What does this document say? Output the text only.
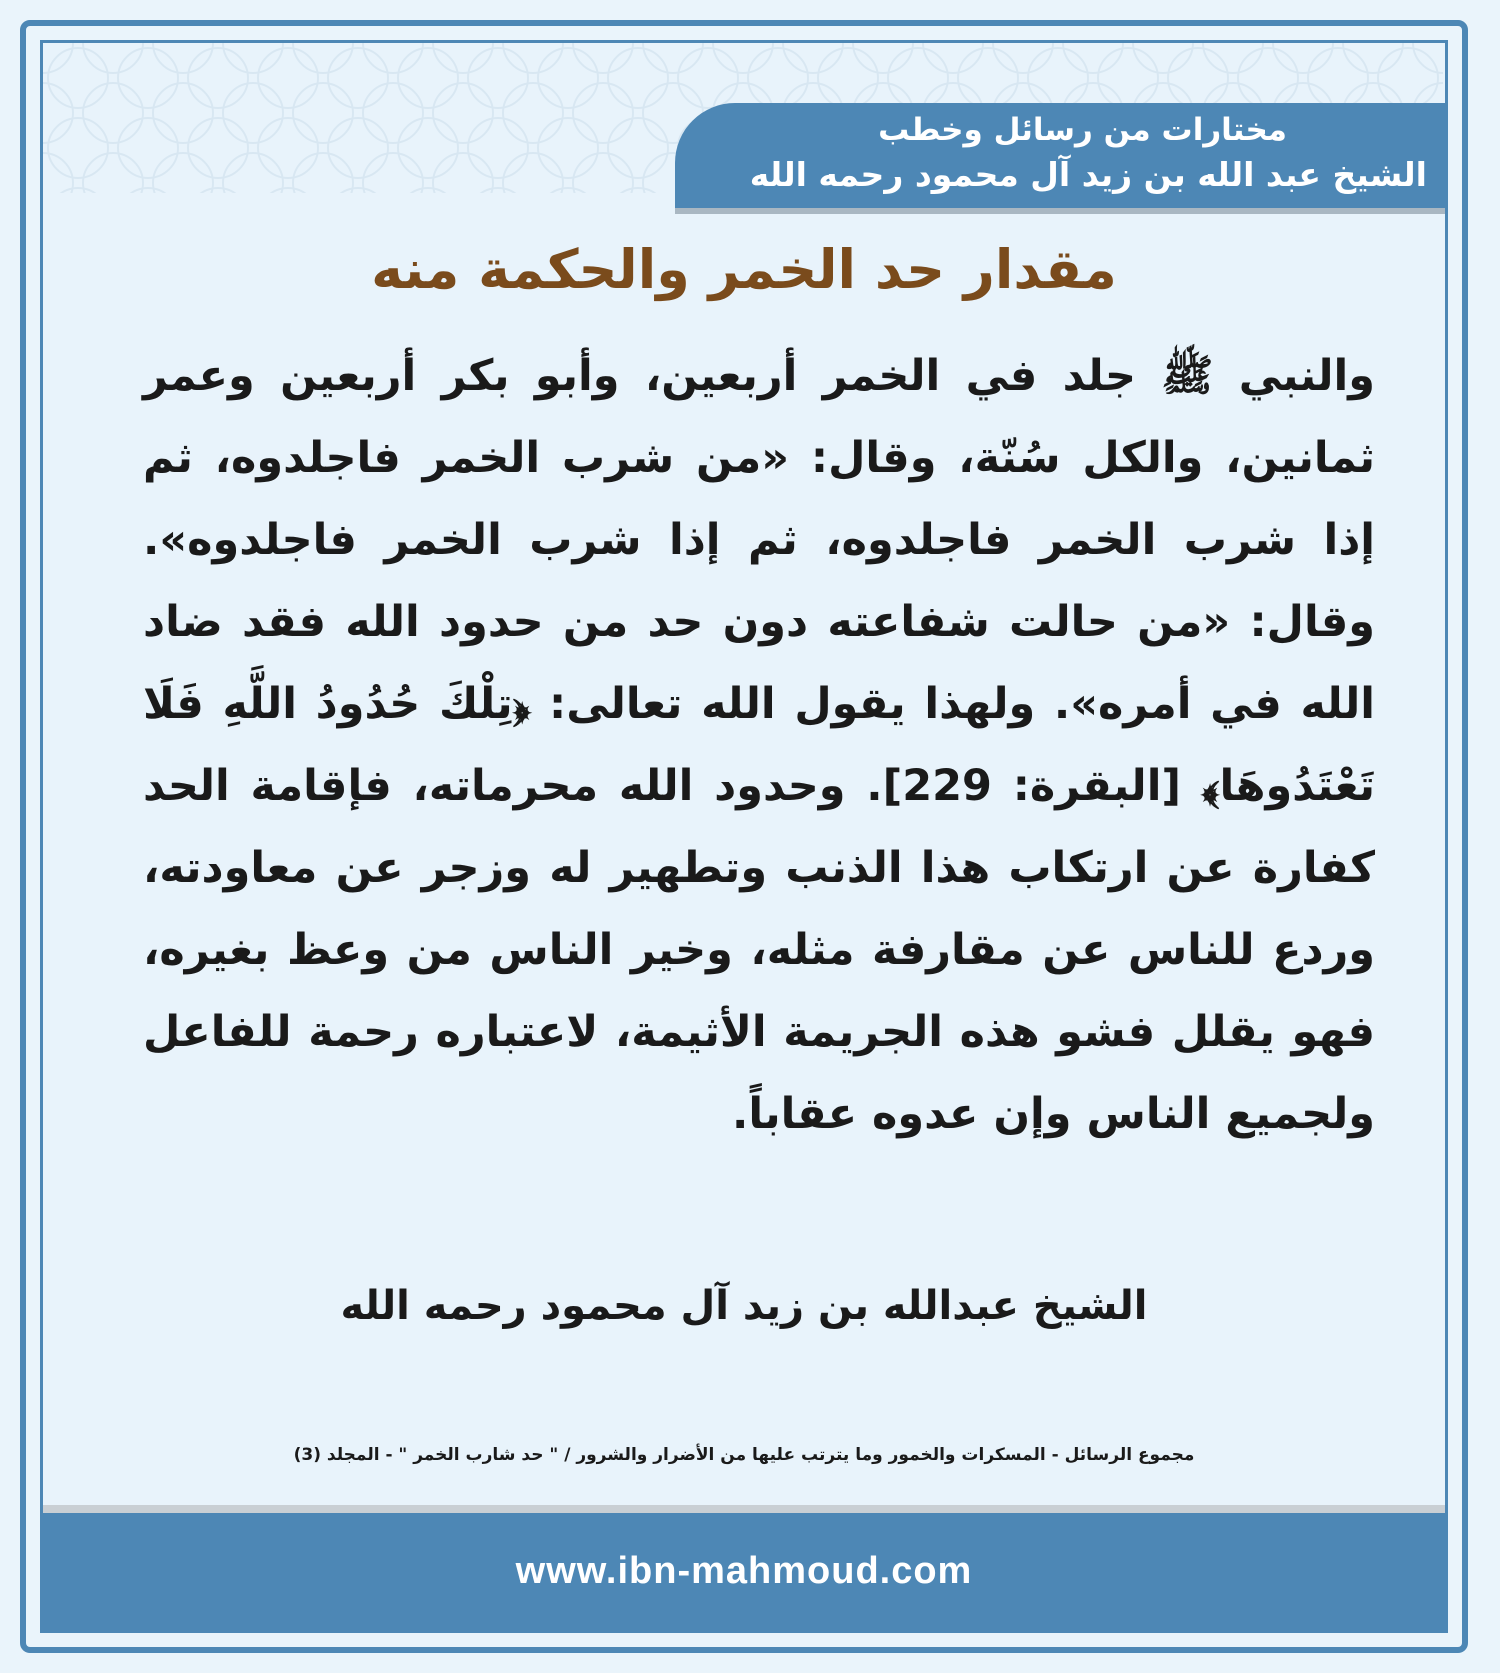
مختارات من رسائل وخطب
الشيخ عبد الله بن زيد آل محمود رحمه الله
مقدار حد الخمر والحكمة منه
والنبي ﷺ جلد في الخمر أربعين، وأبو بكر أربعين وعمر ثمانين، والكل سُنّة، وقال: «من شرب الخمر فاجلدوه، ثم إذا شرب الخمر فاجلدوه، ثم إذا شرب الخمر فاجلدوه». وقال: «من حالت شفاعته دون حد من حدود الله فقد ضاد الله في أمره». ولهذا يقول الله تعالى: ﴿تِلْكَ حُدُودُ اللَّهِ فَلَا تَعْتَدُوهَا﴾ [البقرة: 229]. وحدود الله محرماته، فإقامة الحد كفارة عن ارتكاب هذا الذنب وتطهير له وزجر عن معاودته، وردع للناس عن مقارفة مثله، وخير الناس من وعظ بغيره، فهو يقلل فشو هذه الجريمة الأثيمة، لاعتباره رحمة للفاعل ولجميع الناس وإن عدوه عقاباً.
الشيخ عبدالله بن زيد آل محمود رحمه الله
مجموع الرسائل - المسكرات والخمور وما يترتب عليها من الأضرار والشرور / " حد شارب الخمر " - المجلد (3)
www.ibn-mahmoud.com
